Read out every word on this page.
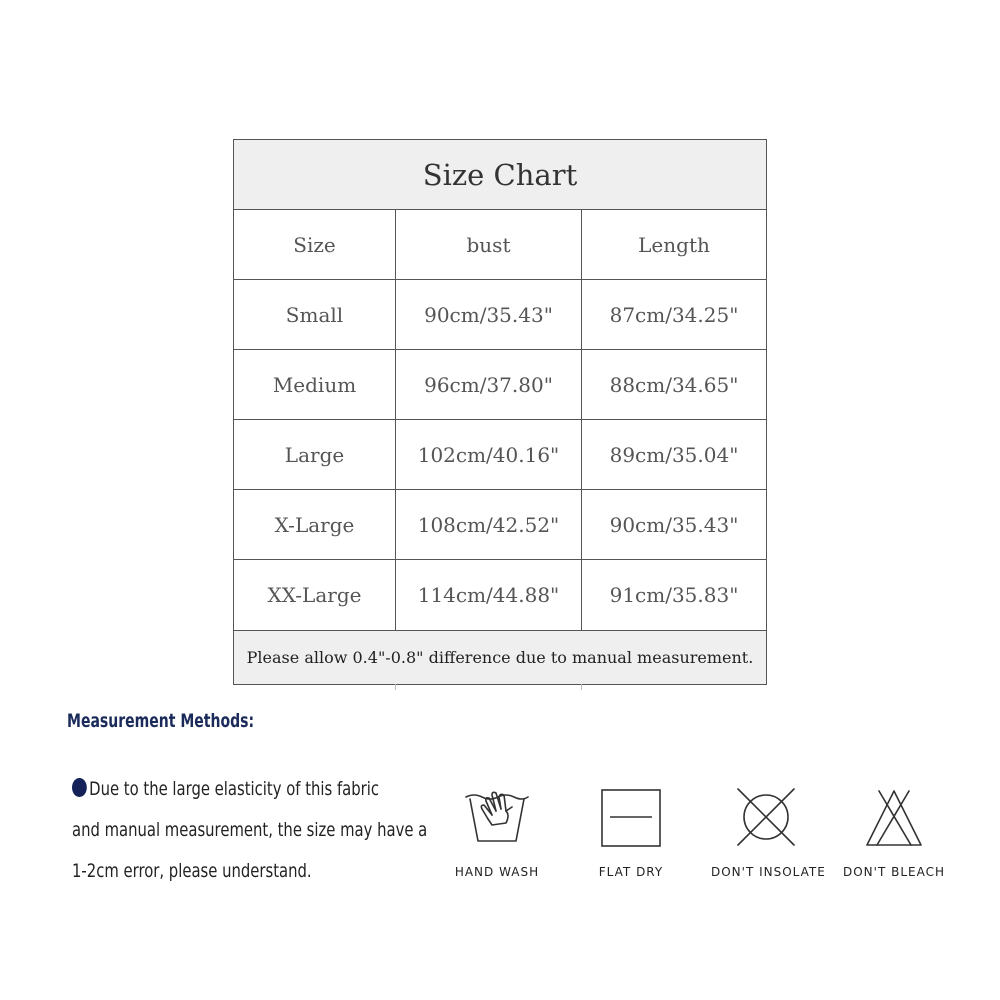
Size Chart
Size	bust	Length
Small	90cm/35.43"	87cm/34.25"
Medium	96cm/37.80"	88cm/34.65"
Large	102cm/40.16"	89cm/35.04"
X-Large	108cm/42.52"	90cm/35.43"
XX-Large	114cm/44.88"	91cm/35.83"
Please allow 0.4"-0.8" difference due to manual measurement.
Measurement Methods:
Due to the large elasticity of this fabric
and manual measurement, the size may have a
1-2cm error, please understand.	HAND WASH	FLAT DRY	DON'T INSOLATE	DON'T BLEACH
